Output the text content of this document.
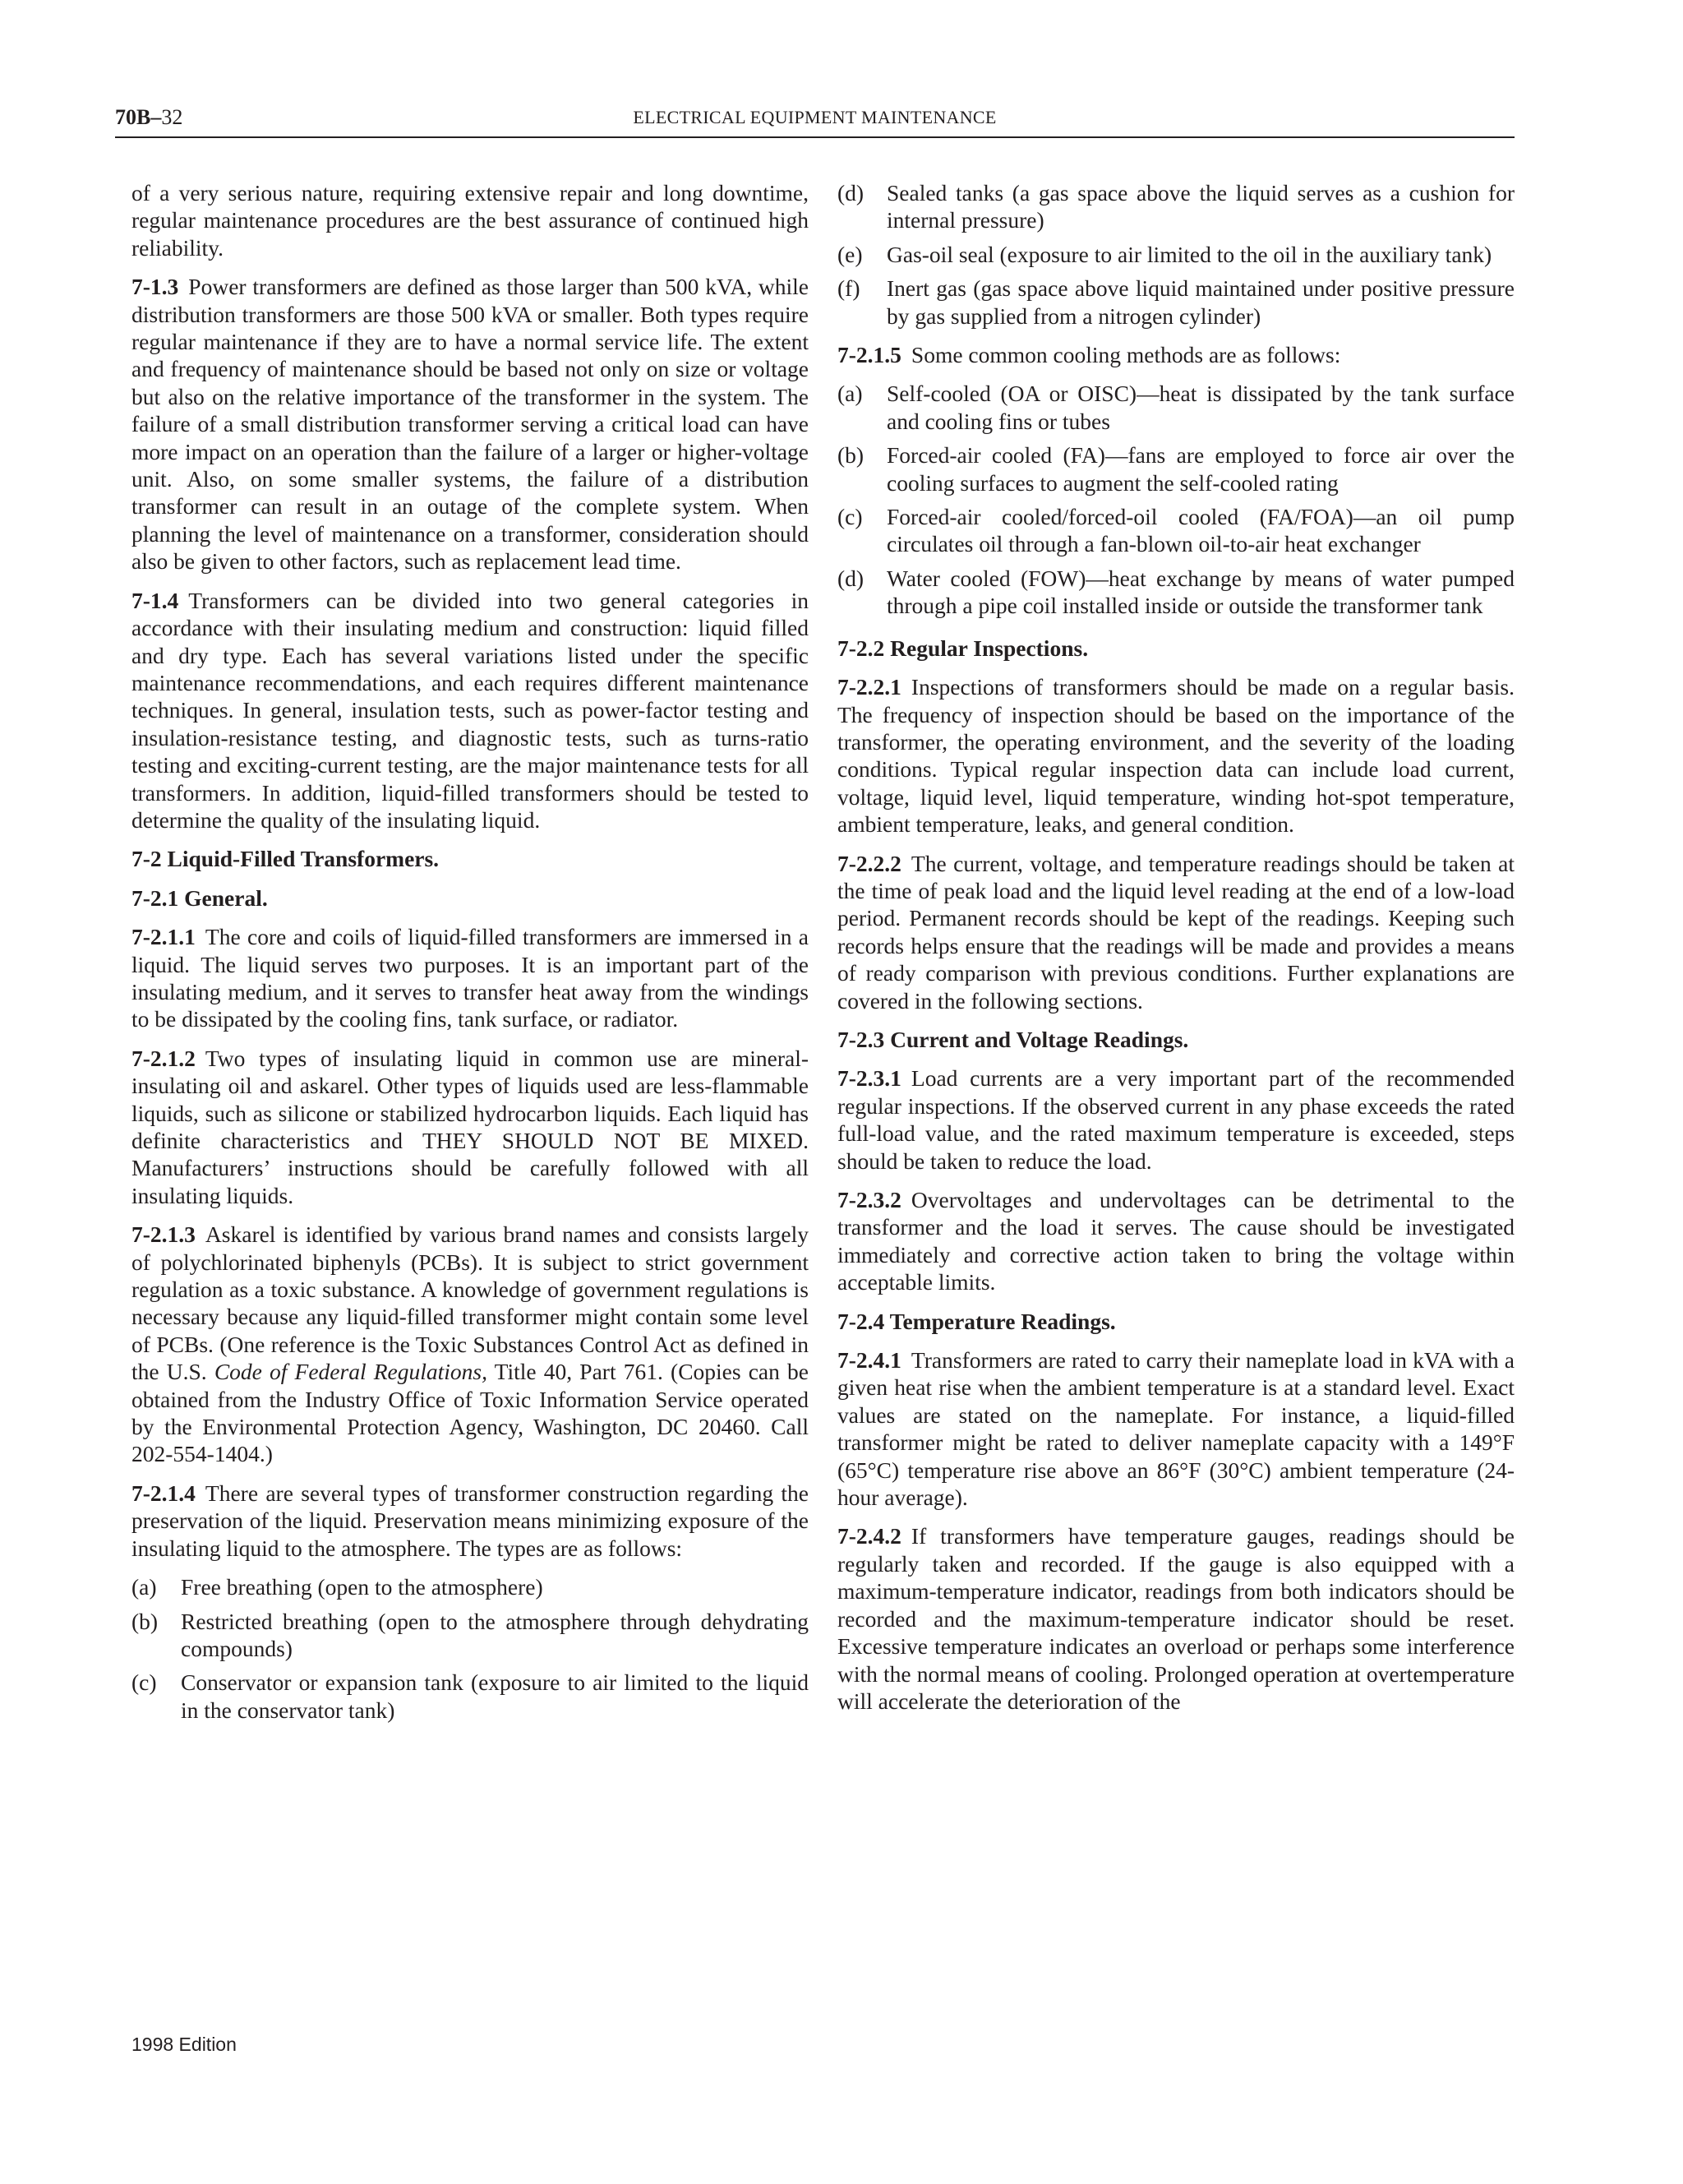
70B–32	ELECTRICAL EQUIPMENT MAINTENANCE

of a very serious nature, requiring extensive repair and long downtime, regular maintenance procedures are the best assurance of continued high reliability.

7-1.3 Power transformers are defined as those larger than 500 kVA, while distribution transformers are those 500 kVA or smaller. Both types require regular maintenance if they are to have a normal service life. The extent and frequency of maintenance should be based not only on size or voltage but also on the relative importance of the transformer in the system. The failure of a small distribution transformer serving a critical load can have more impact on an operation than the failure of a larger or higher-voltage unit. Also, on some smaller systems, the failure of a distribution transformer can result in an outage of the complete system. When planning the level of maintenance on a transformer, consideration should also be given to other factors, such as replacement lead time.

7-1.4 Transformers can be divided into two general categories in accordance with their insulating medium and construction: liquid filled and dry type. Each has several variations listed under the specific maintenance recommendations, and each requires different maintenance techniques. In general, insulation tests, such as power-factor testing and insulation-resistance testing, and diagnostic tests, such as turns-ratio testing and exciting-current testing, are the major maintenance tests for all transformers. In addition, liquid-filled transformers should be tested to determine the quality of the insulating liquid.

7-2 Liquid-Filled Transformers.
7-2.1 General.

7-2.1.1 The core and coils of liquid-filled transformers are immersed in a liquid. The liquid serves two purposes. It is an important part of the insulating medium, and it serves to transfer heat away from the windings to be dissipated by the cooling fins, tank surface, or radiator.

7-2.1.2 Two types of insulating liquid in common use are mineral-insulating oil and askarel. Other types of liquids used are less-flammable liquids, such as silicone or stabilized hydrocarbon liquids. Each liquid has definite characteristics and THEY SHOULD NOT BE MIXED. Manufacturers’ instructions should be carefully followed with all insulating liquids.

7-2.1.3 Askarel is identified by various brand names and consists largely of polychlorinated biphenyls (PCBs). It is subject to strict government regulation as a toxic substance. A knowledge of government regulations is necessary because any liquid-filled transformer might contain some level of PCBs. (One reference is the Toxic Substances Control Act as defined in the U.S. Code of Federal Regulations, Title 40, Part 761. (Copies can be obtained from the Industry Office of Toxic Information Service operated by the Environmental Protection Agency, Washington, DC 20460. Call 202-554-1404.)

7-2.1.4 There are several types of transformer construction regarding the preservation of the liquid. Preservation means minimizing exposure of the insulating liquid to the atmosphere. The types are as follows:

(a)	Free breathing (open to the atmosphere)
(b)	Restricted breathing (open to the atmosphere through dehydrating compounds)
(c)	Conservator or expansion tank (exposure to air limited to the liquid in the conservator tank)
(d)	Sealed tanks (a gas space above the liquid serves as a cushion for internal pressure)
(e)	Gas-oil seal (exposure to air limited to the oil in the auxiliary tank)
(f)	Inert gas (gas space above liquid maintained under positive pressure by gas supplied from a nitrogen cylinder)

7-2.1.5 Some common cooling methods are as follows:

(a)	Self-cooled (OA or OISC)—heat is dissipated by the tank surface and cooling fins or tubes
(b)	Forced-air cooled (FA)—fans are employed to force air over the cooling surfaces to augment the self-cooled rating
(c)	Forced-air cooled/forced-oil cooled (FA/FOA)—an oil pump circulates oil through a fan-blown oil-to-air heat exchanger
(d)	Water cooled (FOW)—heat exchange by means of water pumped through a pipe coil installed inside or outside the transformer tank
7-2.2 Regular Inspections.

7-2.2.1 Inspections of transformers should be made on a regular basis. The frequency of inspection should be based on the importance of the transformer, the operating environment, and the severity of the loading conditions. Typical regular inspection data can include load current, voltage, liquid level, liquid temperature, winding hot-spot temperature, ambient temperature, leaks, and general condition.

7-2.2.2 The current, voltage, and temperature readings should be taken at the time of peak load and the liquid level reading at the end of a low-load period. Permanent records should be kept of the readings. Keeping such records helps ensure that the readings will be made and provides a means of ready comparison with previous conditions. Further explanations are covered in the following sections.

7-2.3 Current and Voltage Readings.

7-2.3.1 Load currents are a very important part of the recommended regular inspections. If the observed current in any phase exceeds the rated full-load value, and the rated maximum temperature is exceeded, steps should be taken to reduce the load.

7-2.3.2 Overvoltages and undervoltages can be detrimental to the transformer and the load it serves. The cause should be investigated immediately and corrective action taken to bring the voltage within acceptable limits.

7-2.4 Temperature Readings.

7-2.4.1 Transformers are rated to carry their nameplate load in kVA with a given heat rise when the ambient temperature is at a standard level. Exact values are stated on the nameplate. For instance, a liquid-filled transformer might be rated to deliver nameplate capacity with a 149°F (65°C) temperature rise above an 86°F (30°C) ambient temperature (24-hour average).

7-2.4.2 If transformers have temperature gauges, readings should be regularly taken and recorded. If the gauge is also equipped with a maximum-temperature indicator, readings from both indicators should be recorded and the maximum-temperature indicator should be reset. Excessive temperature indicates an overload or perhaps some interference with the normal means of cooling. Prolonged operation at overtemperature will accelerate the deterioration of the

1998 Edition
